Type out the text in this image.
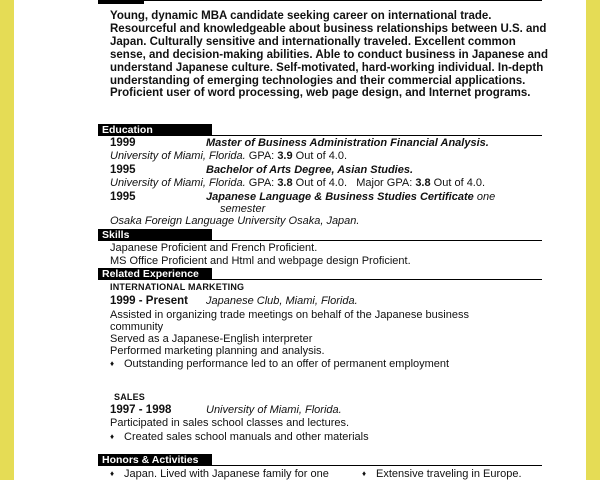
Young, dynamic MBA candidate seeking career on international trade. Resourceful and knowledgeable about business relationships between U.S. and Japan. Culturally sensitive and internationally traveled. Excellent common sense, and decision-making abilities. Able to conduct business in Japanese and understand Japanese culture. Self-motivated, hard-working individual. In-depth understanding of emerging technologies and their commercial applications. Proficient user of word processing, web page design, and Internet programs.
Education
1999	Master of Business Administration Financial Analysis.
University of Miami, Florida. GPA: 3.9 Out of 4.0.
1995	Bachelor of Arts Degree, Asian Studies.
University of Miami, Florida. GPA: 3.8 Out of 4.0. Major GPA: 3.8 Out of 4.0.
1995	Japanese Language & Business Studies Certificate one
semester
Osaka Foreign Language University Osaka, Japan.
Skills
Japanese Proficient and French Proficient.
MS Office Proficient and Html and webpage design Proficient.
Related Experience
INTERNATIONAL MARKETING
1999 - Present Japanese Club, Miami, Florida.
Assisted in organizing trade meetings on behalf of the Japanese business
community
Served as a Japanese-English interpreter
Performed marketing planning and analysis.
♦ Outstanding performance led to an offer of permanent employment
SALES
1997 - 1998	University of Miami, Florida.
Participated in sales school classes and lectures.
♦ Created sales school manuals and other materials
Honors & Activities
♦ Japan. Lived with Japanese family for one	♦ Extensive traveling in Europe.
